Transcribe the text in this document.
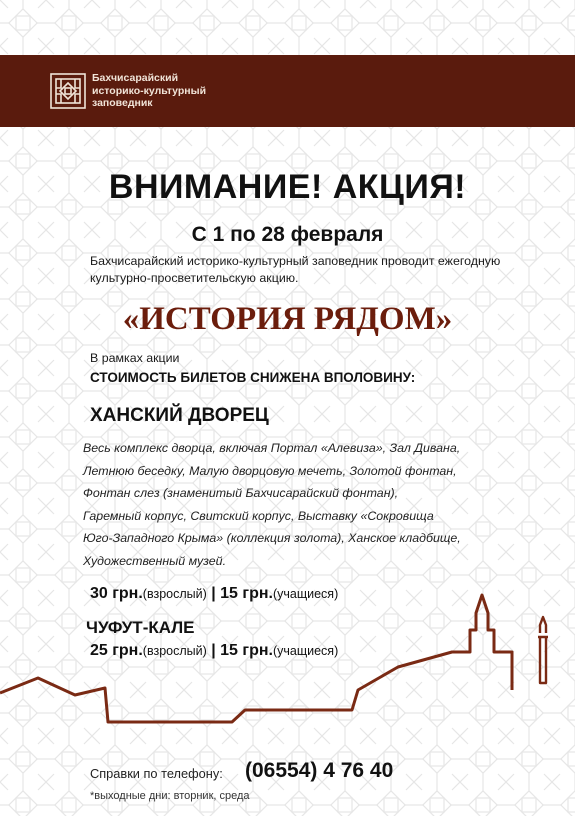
Бахчисарайский
историко-культурный
заповедник
ВНИМАНИЕ! АКЦИЯ!
С 1 по 28 февраля
Бахчисарайский историко-культурный заповедник проводит ежегодную культурно-просветительскую акцию.
«ИСТОРИЯ РЯДОМ»
В рамках акции
СТОИМОСТЬ БИЛЕТОВ СНИЖЕНА ВПОЛОВИНУ:
ХАНСКИЙ ДВОРЕЦ
Весь комплекс дворца, включая Портал «Алевиза», Зал Дивана,
Летнюю беседку, Малую дворцовую мечеть, Золотой фонтан,
Фонтан слез (знаменитый Бахчисарайский фонтан),
Гаремный корпус, Свитский корпус, Выставку «Сокровища
Юго-Западного Крыма» (коллекция золота), Ханское кладбище,
Художественный музей.
30 грн.(взрослый) | 15 грн.(учащиеся)
ЧУФУТ-КАЛЕ
25 грн.(взрослый) | 15 грн.(учащиеся)
Справки по телефону: (06554) 4 76 40
*выходные дни: вторник, среда
